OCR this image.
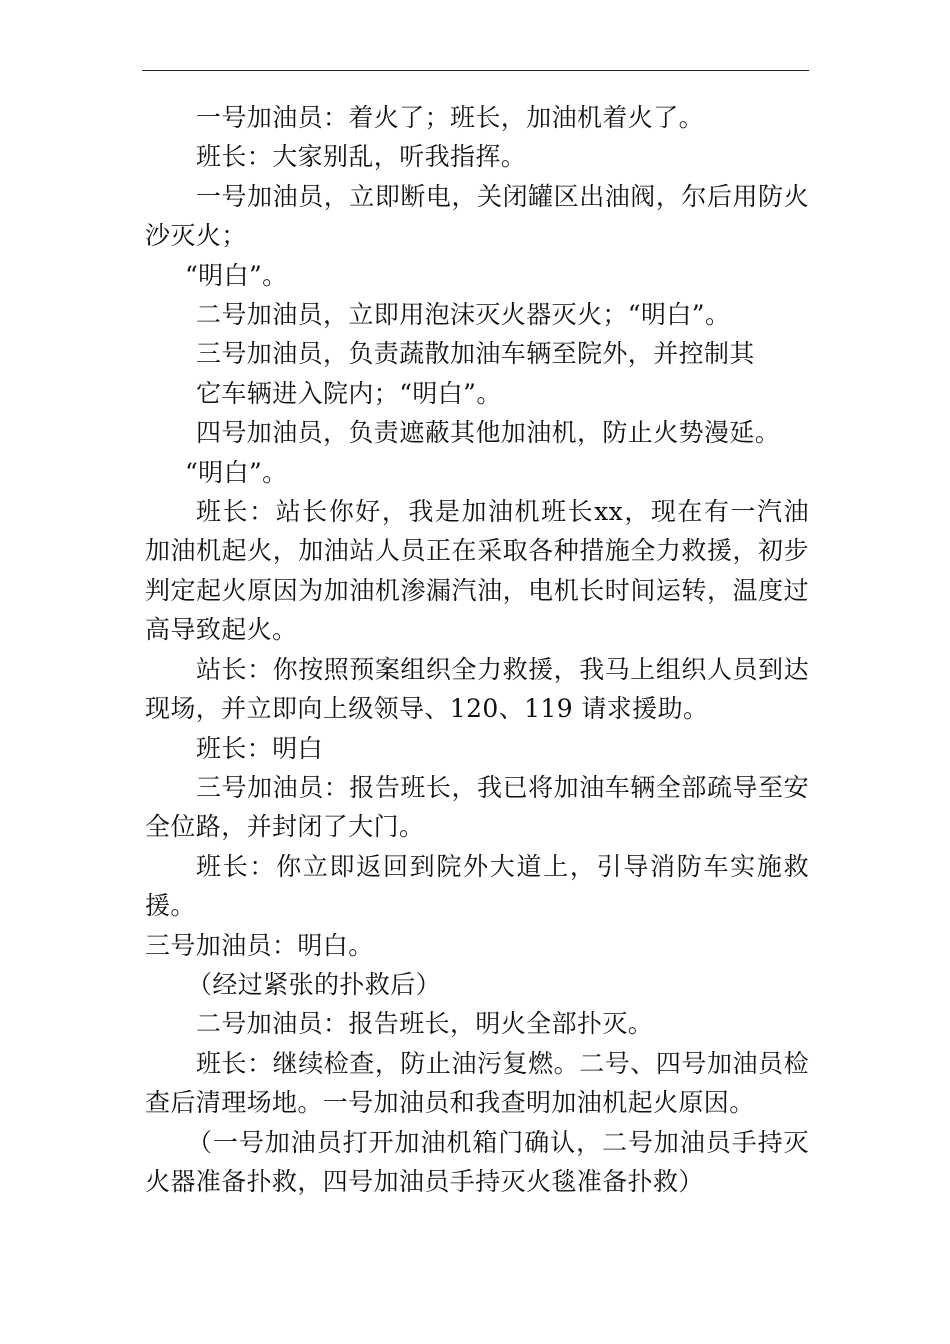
一号加油员：着火了；班长，加油机着火了。

班长：大家别乱，听我指挥。

一号加油员，立即断电，关闭罐区出油阀，尔后用防火沙灭火；

“明白”。

二号加油员，立即用泡沫灭火器灭火；“明白”。

三号加油员，负责蔬散加油车辆至院外，并控制其

它车辆进入院内；“明白”。

四号加油员，负责遮蔽其他加油机，防止火势漫延。

“明白”。

班长：站长你好，我是加油机班长xx，现在有一汽油加油机起火，加油站人员正在采取各种措施全力救援，初步判定起火原因为加油机渗漏汽油，电机长时间运转，温度过高导致起火。

站长：你按照预案组织全力救援，我马上组织人员到达现场，并立即向上级领导、120、119 请求援助。

班长：明白

三号加油员：报告班长，我已将加油车辆全部疏导至安全位路，并封闭了大门。

班长：你立即返回到院外大道上，引导消防车实施救援。

三号加油员：明白。

（经过紧张的扑救后）

二号加油员：报告班长，明火全部扑灭。

班长：继续检查，防止油污复燃。二号、四号加油员检查后清理场地。一号加油员和我查明加油机起火原因。

（一号加油员打开加油机箱门确认，二号加油员手持灭火器准备扑救，四号加油员手持灭火毯准备扑救）
